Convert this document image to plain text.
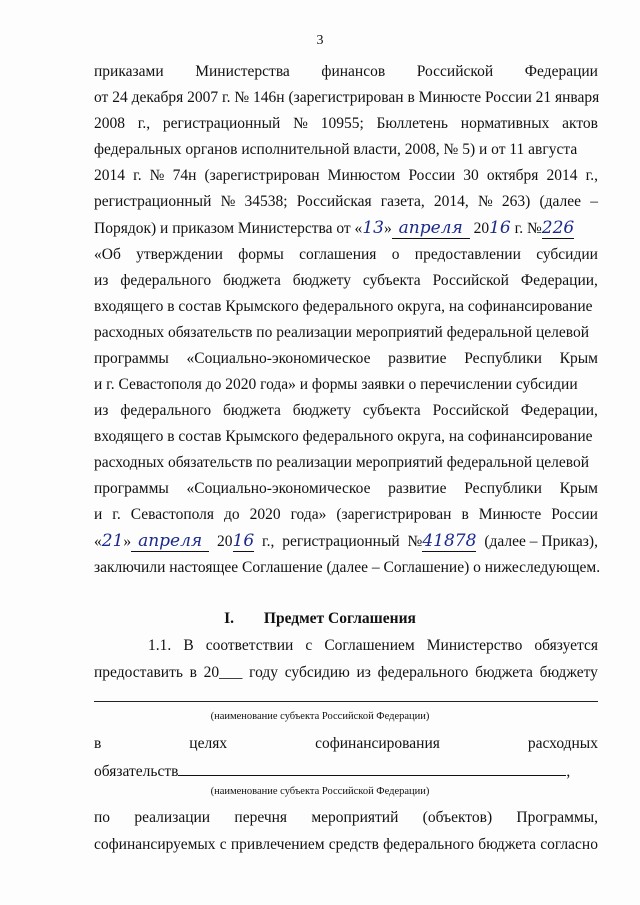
3
приказами Министерства финансов Российской Федерации
от 24 декабря 2007 г. № 146н (зарегистрирован в Минюсте России 21 января
2008 г., регистрационный № 10955; Бюллетень нормативных актов
федеральных органов исполнительной власти, 2008, № 5) и от 11 августа
2014 г. № 74н (зарегистрирован Минюстом России 30 октября 2014 г.,
регистрационный № 34538; Российская газета, 2014, № 263) (далее –
«Об утверждении формы соглашения о предоставлении субсидии
из федерального бюджета бюджету субъекта Российской Федерации,
входящего в состав Крымского федерального округа, на софинансирование
расходных обязательств по реализации мероприятий федеральной целевой
программы «Социально-экономическое развитие Республики Крым
и г. Севастополя до 2020 года» и формы заявки о перечислении субсидии
из федерального бюджета бюджету субъекта Российской Федерации,
входящего в состав Крымского федерального округа, на софинансирование
расходных обязательств по реализации мероприятий федеральной целевой
программы «Социально-экономическое развитие Республики Крым
и г. Севастополя до 2020 года» (зарегистрирован в Минюсте России
Порядок) и приказом Министерства от «13» апреля 2016 г. №226
«21» апреля 2016 г., регистрационный №41878 (далее – Приказ),
заключили настоящее Соглашение (далее – Соглашение) о нижеследующем.
I. Предмет Соглашения
1.1. В соответствии с Соглашением Министерство обязуется
предоставить в 20___ году субсидию из федерального бюджета бюджету
(наименование субъекта Российской Федерации)
в	целях	софинансирования	расходных
обязательств	,
(наименование субъекта Российской Федерации)
по реализации перечня мероприятий (объектов) Программы,
софинансируемых с привлечением средств федерального бюджета согласно
